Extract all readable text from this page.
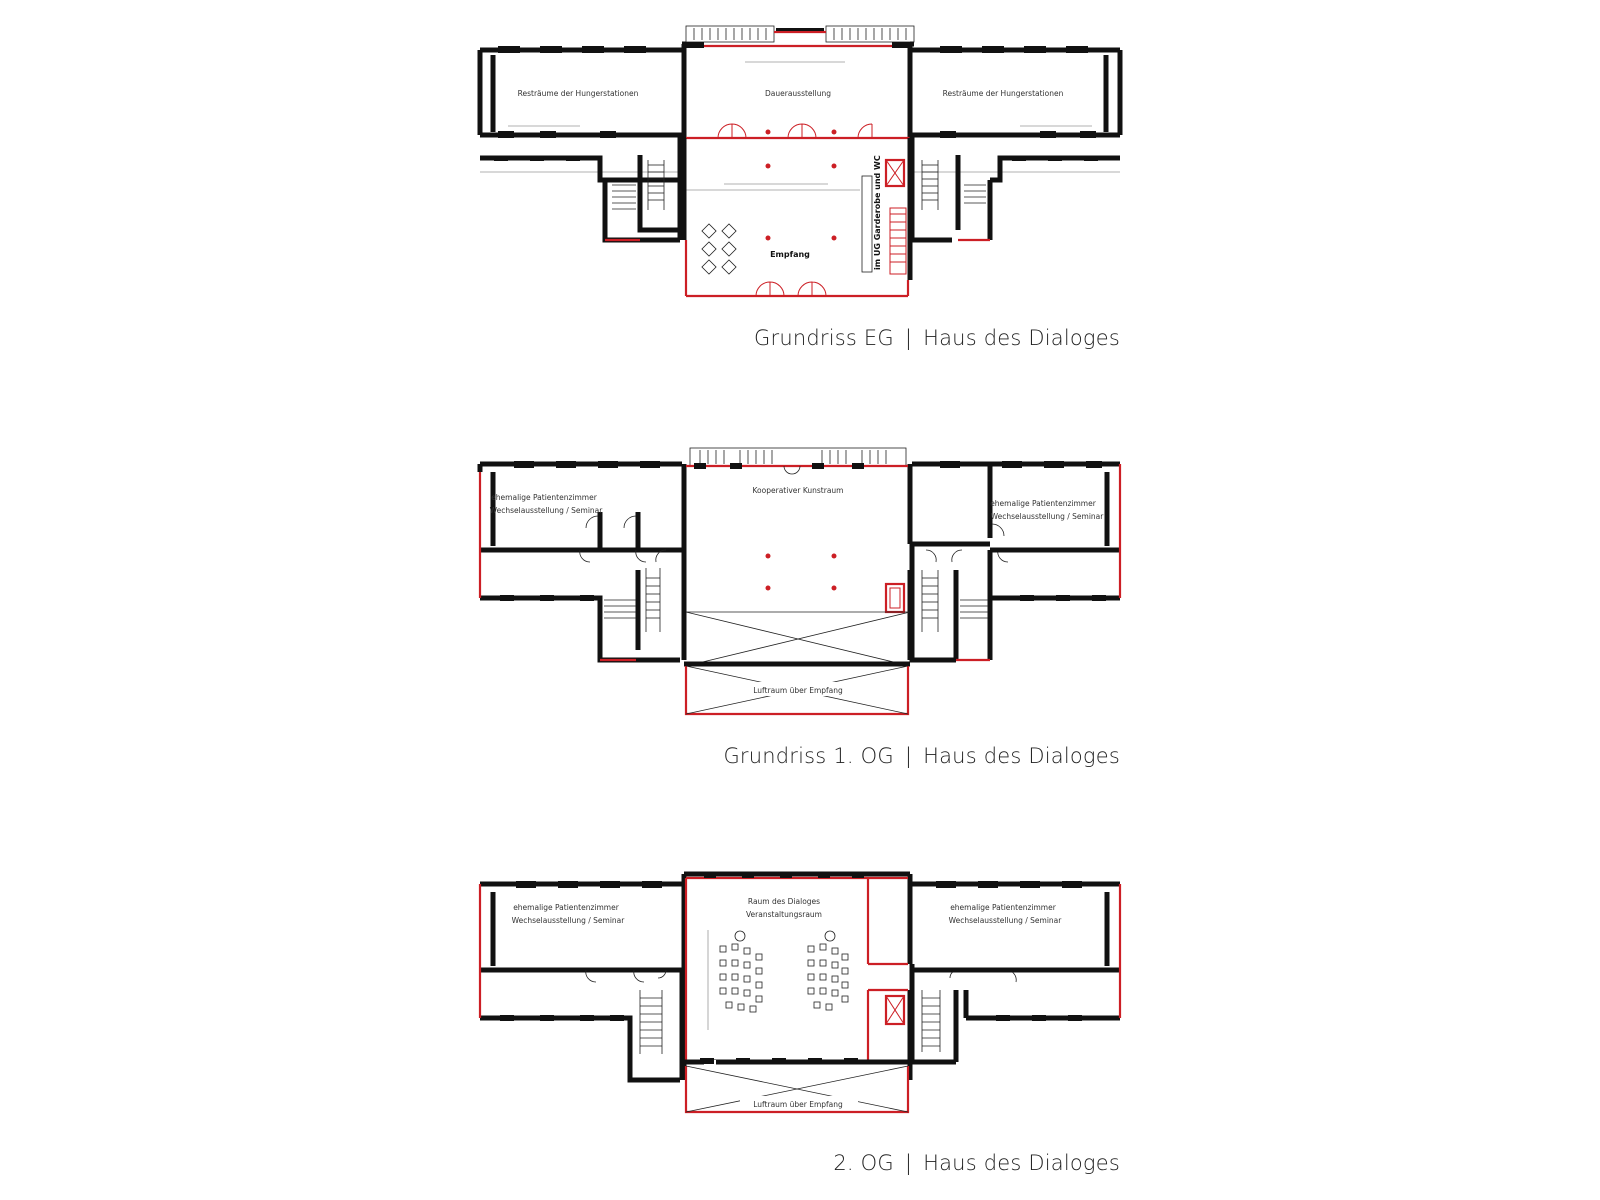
Resträume der Hungerstationen	Dauerausstellung
Empfang	im UG Garderobe und WC
Resträume der Hungerstationen
Grundriss EG | Haus des Dialoges
ehemalige Patientenzimmer
Wechselausstellung / Seminar
Kooperativer Kunstraum
Luftraum über Empfang
ehemalige Patientenzimmer
Wechselausstellung / Seminar
Grundriss 1. OG | Haus des Dialoges
ehemalige Patientenzimmer
Wechselausstellung / Seminar
Raum des Dialoges
Veranstaltungsraum
Luftraum über Empfang
ehemalige Patientenzimmer
Wechselausstellung / Seminar
2. OG | Haus des Dialoges
